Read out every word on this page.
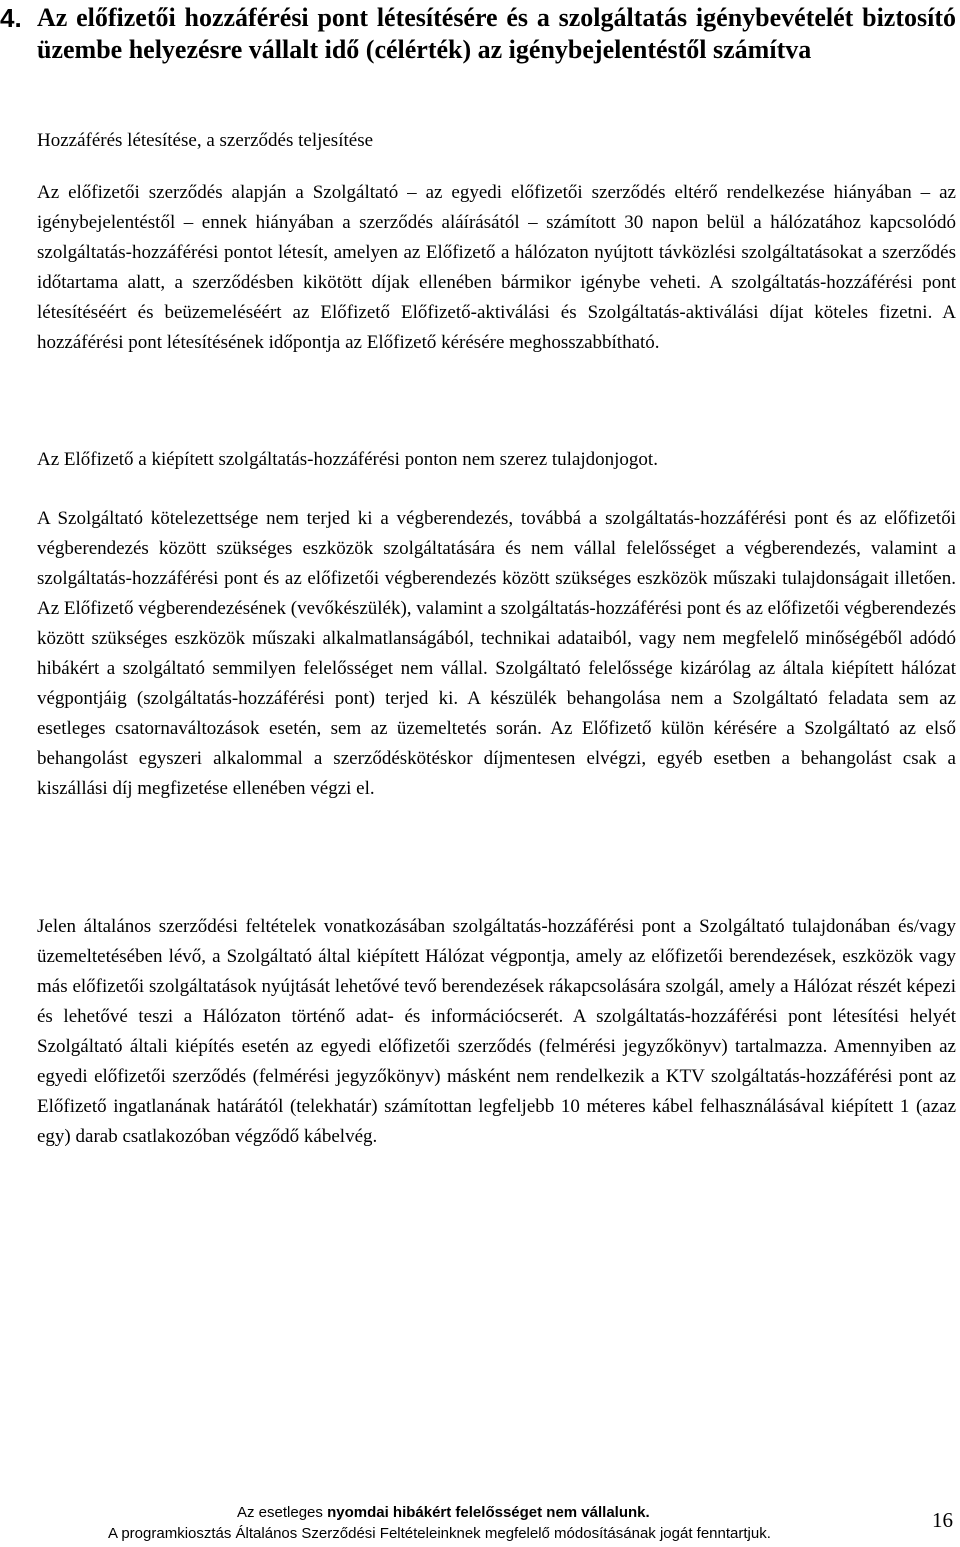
4. Az előfizetői hozzáférési pont létesítésére és a szolgáltatás igénybevételét biztosító üzembe helyezésre vállalt idő (célérték) az igénybejelentéstől számítva

Hozzáférés létesítése, a szerződés teljesítése

Az előfizetői szerződés alapján a Szolgáltató – az egyedi előfizetői szerződés eltérő rendelkezése hiányában – az igénybejelentéstől – ennek hiányában a szerződés aláírásától – számított 30 napon belül a hálózatához kapcsolódó szolgáltatás-hozzáférési pontot létesít, amelyen az Előfizető a hálózaton nyújtott távközlési szolgáltatásokat a szerződés időtartama alatt, a szerződésben kikötött díjak ellenében bármikor igénybe veheti. A szolgáltatás-hozzáférési pont létesítéséért és beüzemeléséért az Előfizető Előfizető-aktiválási és Szolgáltatás-aktiválási díjat köteles fizetni. A hozzáférési pont létesítésének időpontja az Előfizető kérésére meghosszabbítható.

Az Előfizető a kiépített szolgáltatás-hozzáférési ponton nem szerez tulajdonjogot.

A Szolgáltató kötelezettsége nem terjed ki a végberendezés, továbbá a szolgáltatás-hozzáférési pont és az előfizetői végberendezés között szükséges eszközök szolgáltatására és nem vállal felelősséget a végberendezés, valamint a szolgáltatás-hozzáférési pont és az előfizetői végberendezés között szükséges eszközök műszaki tulajdonságait illetően. Az Előfizető végberendezésének (vevőkészülék), valamint a szolgáltatás-hozzáférési pont és az előfizetői végberendezés között szükséges eszközök műszaki alkalmatlanságából, technikai adataiból, vagy nem megfelelő minőségéből adódó hibákért a szolgáltató semmilyen felelősséget nem vállal. Szolgáltató felelőssége kizárólag az általa kiépített hálózat végpontjáig (szolgáltatás-hozzáférési pont) terjed ki. A készülék behangolása nem a Szolgáltató feladata sem az esetleges csatornaváltozások esetén, sem az üzemeltetés során. Az Előfizető külön kérésére a Szolgáltató az első behangolást egyszeri alkalommal a szerződéskötéskor díjmentesen elvégzi, egyéb esetben a behangolást csak a kiszállási díj megfizetése ellenében végzi el.

Jelen általános szerződési feltételek vonatkozásában szolgáltatás-hozzáférési pont a Szolgáltató tulajdonában és/vagy üzemeltetésében lévő, a Szolgáltató által kiépített Hálózat végpontja, amely az előfizetői berendezések, eszközök vagy más előfizetői szolgáltatások nyújtását lehetővé tevő berendezések rákapcsolására szolgál, amely a Hálózat részét képezi és lehetővé teszi a Hálózaton történő adat- és információcserét. A szolgáltatás-hozzáférési pont létesítési helyét Szolgáltató általi kiépítés esetén az egyedi előfizetői szerződés (felmérési jegyzőkönyv) tartalmazza. Amennyiben az egyedi előfizetői szerződés (felmérési jegyzőkönyv) másként nem rendelkezik a KTV szolgáltatás-hozzáférési pont az Előfizető ingatlanának határától (telekhatár) számítottan legfeljebb 10 méteres kábel felhasználásával kiépített 1 (azaz egy) darab csatlakozóban végződő kábelvég.

Az esetleges nyomdai hibákért felelősséget nem vállalunk.
A programkiosztás Általános Szerződési Feltételeinknek megfelelő módosításának jogát fenntartjuk.
16
